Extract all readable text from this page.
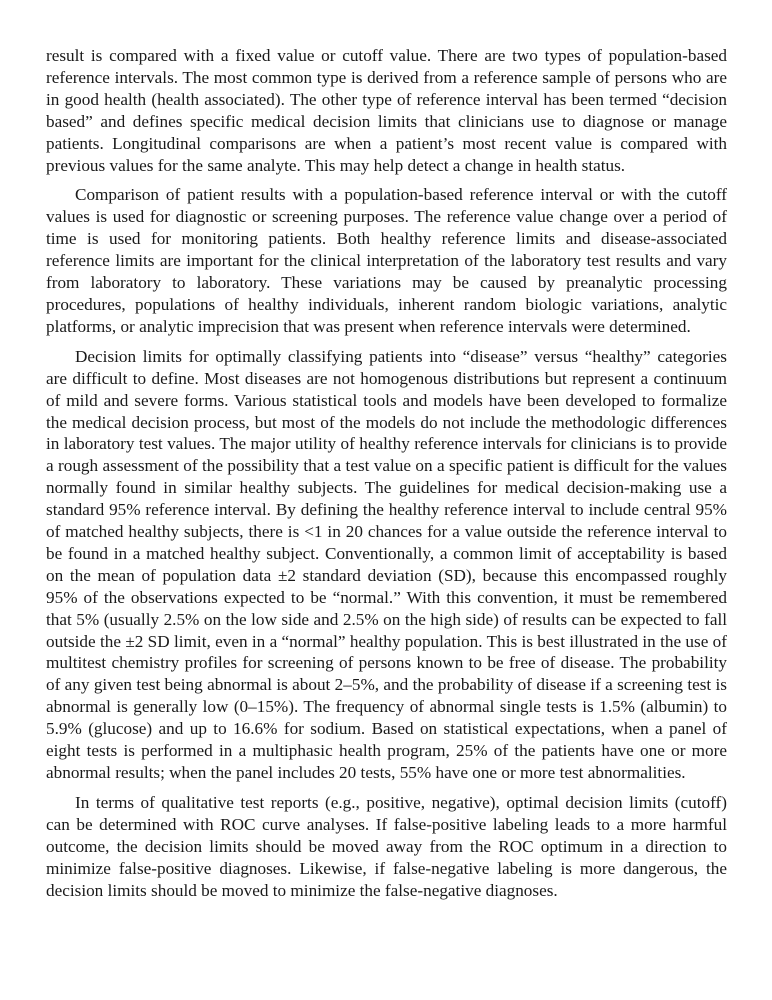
result is compared with a fixed value or cutoff value. There are two types of population-based reference intervals. The most common type is derived from a reference sample of persons who are in good health (health associated). The other type of reference interval has been termed “decision based” and defines specific medical decision limits that clinicians use to diagnose or manage patients. Longitudinal comparisons are when a patient’s most recent value is compared with previous values for the same analyte. This may help detect a change in health status.

Comparison of patient results with a population-based reference interval or with the cutoff values is used for diagnostic or screening purposes. The reference value change over a period of time is used for monitoring patients. Both healthy reference limits and disease-associated reference limits are important for the clinical interpretation of the laboratory test results and vary from laboratory to laboratory. These variations may be caused by preanalytic processing procedures, populations of healthy individuals, inherent random biologic variations, analytic platforms, or analytic imprecision that was present when reference intervals were determined.

Decision limits for optimally classifying patients into “disease” versus “healthy” categories are difficult to define. Most diseases are not homogenous distributions but represent a continuum of mild and severe forms. Various statistical tools and models have been developed to formalize the medical decision process, but most of the models do not include the methodologic differences in laboratory test values. The major utility of healthy reference intervals for clinicians is to provide a rough assessment of the possibility that a test value on a specific patient is difficult for the values normally found in similar healthy subjects. The guidelines for medical decision-making use a standard 95% reference interval. By defining the healthy reference interval to include central 95% of matched healthy subjects, there is <1 in 20 chances for a value outside the reference interval to be found in a matched healthy subject. Conventionally, a common limit of acceptability is based on the mean of population data ±2 standard deviation (SD), because this encompassed roughly 95% of the observations expected to be “normal.” With this convention, it must be remembered that 5% (usually 2.5% on the low side and 2.5% on the high side) of results can be expected to fall outside the ±2 SD limit, even in a “normal” healthy population. This is best illustrated in the use of multitest chemistry profiles for screening of persons known to be free of disease. The probability of any given test being abnormal is about 2–5%, and the probability of disease if a screening test is abnormal is generally low (0–15%). The frequency of abnormal single tests is 1.5% (albumin) to 5.9% (glucose) and up to 16.6% for sodium. Based on statistical expectations, when a panel of eight tests is performed in a multiphasic health program, 25% of the patients have one or more abnormal results; when the panel includes 20 tests, 55% have one or more test abnormalities.

In terms of qualitative test reports (e.g., positive, negative), optimal decision limits (cutoff) can be determined with ROC curve analyses. If false-positive labeling leads to a more harmful outcome, the decision limits should be moved away from the ROC optimum in a direction to minimize false-positive diagnoses. Likewise, if false-negative labeling is more dangerous, the decision limits should be moved to minimize the false-negative diagnoses.
